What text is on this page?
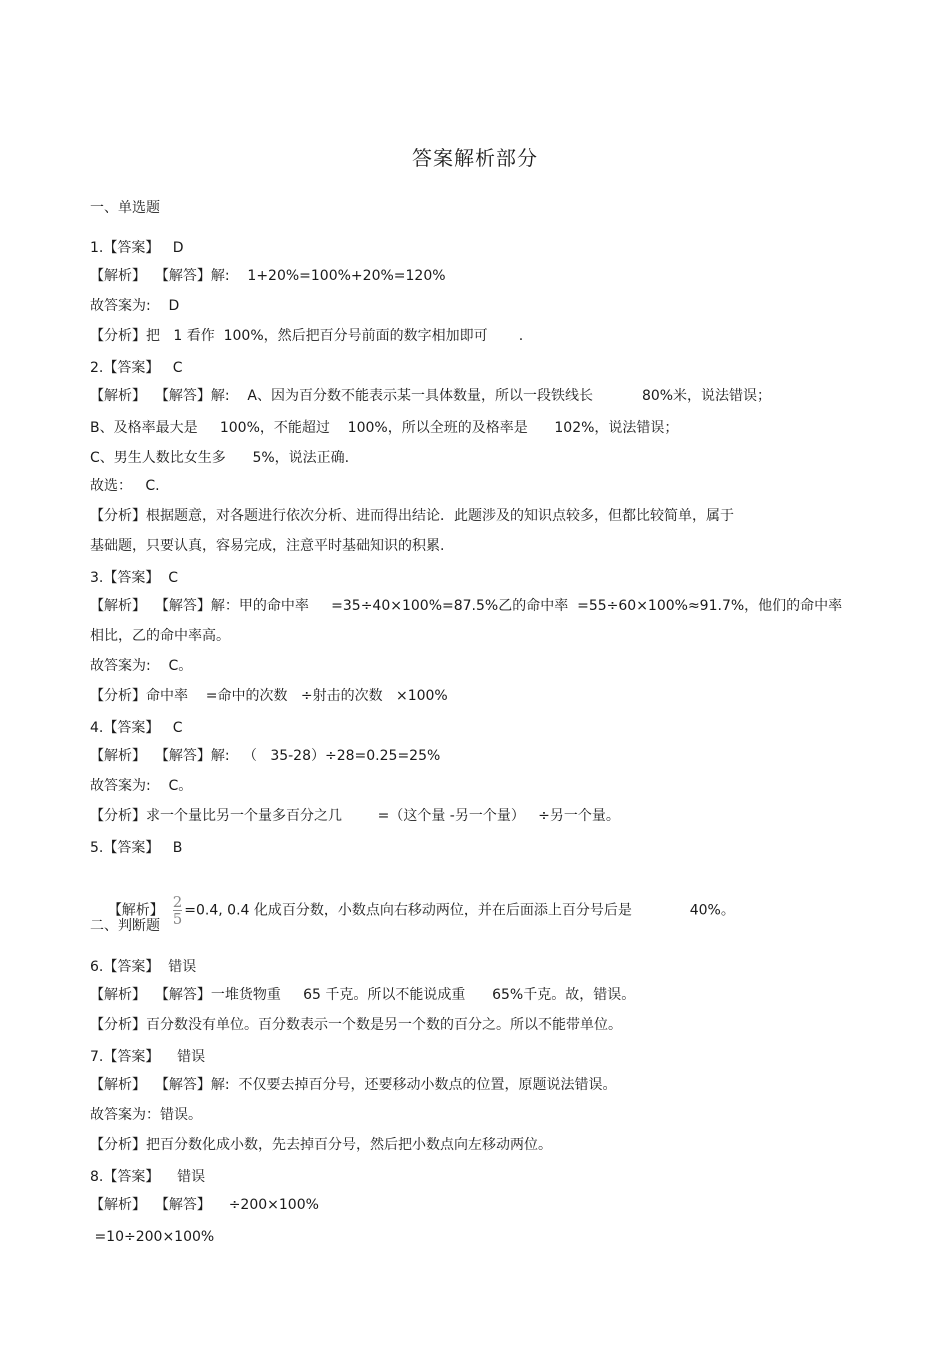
答案解析部分
一、单选题
1.【答案】   D
【解析】  【解答】解:    1+20%=100%+20%=120%
故答案为:    D
【分析】把   1 看作  100%，然后把百分号前面的数字相加即可       .
2.【答案】   C
【解析】  【解答】解:    A、因为百分数不能表示某一具体数量，所以一段铁线长           80%米，说法错误；
B、及格率最大是     100%，不能超过    100%，所以全班的及格率是      102%，说法错误；
C、男生人数比女生多      5%，说法正确.
故选：   C.
【分析】根据题意，对各题进行依次分析、进而得出结论．此题涉及的知识点较多，但都比较简单，属于
基础题，只要认真，容易完成，注意平时基础知识的积累.
3.【答案】  C
【解析】  【解答】解：甲的命中率     =35÷40×100%=87.5%乙的命中率  =55÷60×100%≈91.7%，他们的命中率
相比，乙的命中率高。
故答案为:    C。
【分析】命中率    =命中的次数   ÷射击的次数   ×100%
4.【答案】   C
【解析】  【解答】解:   （   35-28）÷28=0.25=25%
故答案为:    C。
【分析】求一个量比另一个量多百分之几        =（这个量 -另一个量）   ÷另一个量。
5.【答案】   B
二、判断题
6.【答案】  错误
【解析】  【解答】一堆货物重     65 千克。所以不能说成重      65%千克。故，错误。
【分析】百分数没有单位。百分数表示一个数是另一个数的百分之。所以不能带单位。
7.【答案】    错误
【解析】  【解答】解:  不仅要去掉百分号，还要移动小数点的位置，原题说法错误。
故答案为：错误。
【分析】把百分数化成小数，先去掉百分号，然后把小数点向左移动两位。
8.【答案】    错误
【解析】  【解答】    ÷200×100%
=10÷200×100%

【解析】  $\frac{2}{5} =0.4$, 0.4 化成百分数，小数点向右移动两位，并在后面添上百分号后是             40%。
